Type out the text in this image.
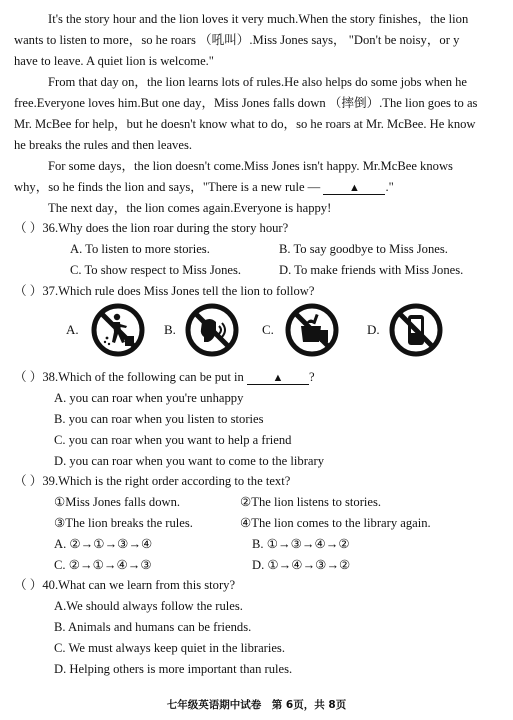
It's the story hour and the lion loves it very much.When the story finishes，the lion
wants to listen to more，so he roars （吼叫）.Miss Jones says， "Don't be noisy，or y
have to leave. A quiet lion is welcome."
From that day on，the lion learns lots of rules.He also helps do some jobs when he
free.Everyone loves him.But one day，Miss Jones falls down （摔倒）.The lion goes to as
Mr. McBee for help，but he doesn't know what to do，so he roars at Mr. McBee. He know
he breaks the rules and then leaves.
For some days，the lion doesn't come.Miss Jones isn't happy. Mr.McBee knows
why，so he finds the lion and says，"There is a new rule —	▲ ."
The next day，the lion comes again.Everyone is happy!
（ ）36.Why does the lion roar during the story hour?
A. To listen to more stories.	B. To say goodbye to Miss Jones.
C. To show respect to Miss Jones.	D. To make friends with Miss Jones.
（ ）37.Which rule does Miss Jones tell the lion to follow?
A.	B.	C.	D.
（ ）38.Which of the following can be put in	▲ ?
A. you can roar when you're unhappy
B. you can roar when you listen to stories
C. you can roar when you want to help a friend
D. you can roar when you want to come to the library
（ ）39.Which is the right order according to the text?
①Miss Jones falls down.	②The lion listens to stories.
③The lion breaks the rules.	④The lion comes to the library again.
A. ②→①→③→④	B. ①→③→④→②
C. ②→①→④→③	D. ①→④→③→②
（ ）40.What can we learn from this story?
A.We should always follow the rules.
B. Animals and humans can be friends.
C. We must always keep quiet in the libraries.
D. Helping others is more important than rules.
七年级英语期中试卷　第 6页，共 8页
